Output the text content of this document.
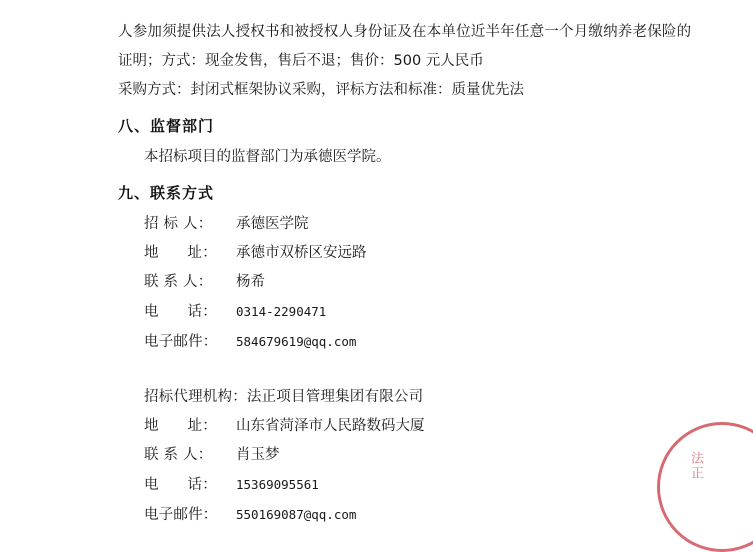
人参加须提供法人授权书和被授权人身份证及在本单位近半年任意一个月缴纳养老保险的

证明；方式：现金发售，售后不退；售价：500 元人民币
采购方式：封闭式框架协议采购，评标方法和标准：质量优先法
八、监督部门

本招标项目的监督部门为承德医学院。

九、联系方式
招 标 人：	承德医学院
地      址：	承德市双桥区安远路
联 系 人：	杨希
电      话：	0314-2290471
电子邮件：	584679619@qq.com
招标代理机构：法正项目管理集团有限公司
地      址：	山东省菏泽市人民路数码大厦
联 系 人：	肖玉梦
电      话：	15369095561
电子邮件：	550169087@qq.com
法正
